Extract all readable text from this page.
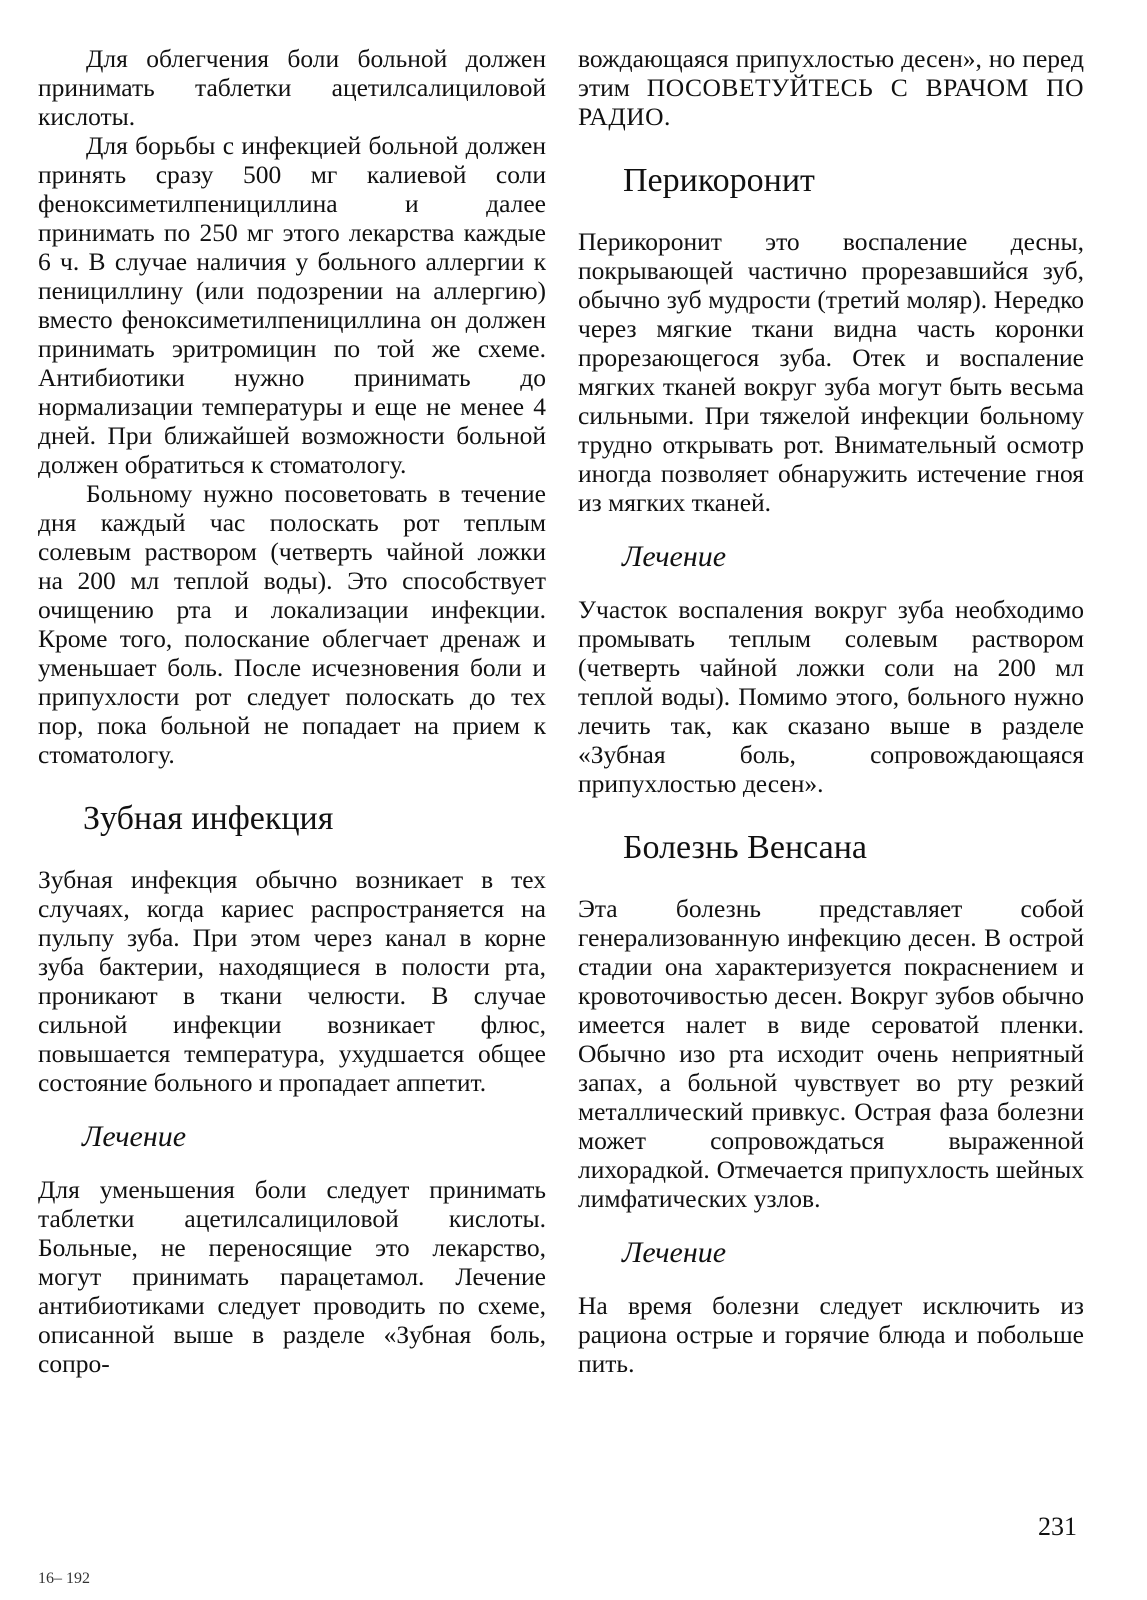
Для облегчения боли больной должен принимать таблетки ацетилсалициловой кислоты.

Для борьбы с инфекцией больной должен принять сразу 500 мг калиевой соли феноксиметилпенициллина и далее принимать по 250 мг этого лекарства каждые 6 ч. В случае наличия у больного аллергии к пенициллину (или подозрении на аллергию) вместо феноксиметилпенициллина он должен принимать эритромицин по той же схеме. Антибиотики нужно принимать до нормализации температуры и еще не менее 4 дней. При ближайшей возможности больной должен обратиться к стоматологу.

Больному нужно посоветовать в течение дня каждый час полоскать рот теплым солевым раствором (четверть чайной ложки на 200 мл теплой воды). Это способствует очищению рта и локализации инфекции. Кроме того, полоскание облегчает дренаж и уменьшает боль. После исчезновения боли и припухлости рот следует полоскать до тех пор, пока больной не попадает на прием к стоматологу.

Зубная инфекция

Зубная инфекция обычно возникает в тех случаях, когда кариес распространяется на пульпу зуба. При этом через канал в корне зуба бактерии, находящиеся в полости рта, проникают в ткани челюсти. В случае сильной инфекции возникает флюс, повышается температура, ухудшается общее состояние больного и пропадает аппетит.

Лечение

Для уменьшения боли следует принимать таблетки ацетилсалициловой кислоты. Больные, не переносящие это лекарство, могут принимать парацетамол. Лечение антибиотиками следует проводить по схеме, описанной выше в разделе «Зубная боль, сопро-

вождающаяся припухлостью десен», но перед этим ПОСОВЕТУЙТЕСЬ С ВРАЧОМ ПО РАДИО.

Перикоронит

Перикоронит это воспаление десны, покрывающей частично прорезавшийся зуб, обычно зуб мудрости (третий моляр). Нередко через мягкие ткани видна часть коронки прорезающегося зуба. Отек и воспаление мягких тканей вокруг зуба могут быть весьма сильными. При тяжелой инфекции больному трудно открывать рот. Внимательный осмотр иногда позволяет обнаружить истечение гноя из мягких тканей.

Лечение

Участок воспаления вокруг зуба необходимо промывать теплым солевым раствором (четверть чайной ложки соли на 200 мл теплой воды). Помимо этого, больного нужно лечить так, как сказано выше в разделе «Зубная боль, сопровождающаяся припухлостью десен».

Болезнь Венсана

Эта болезнь представляет собой генерализованную инфекцию десен. В острой стадии она характеризуется покраснением и кровоточивостью десен. Вокруг зубов обычно имеется налет в виде сероватой пленки. Обычно изо рта исходит очень неприятный запах, а больной чувствует во рту резкий металлический привкус. Острая фаза болезни может сопровождаться выраженной лихорадкой. Отмечается припухлость шейных лимфатических узлов.

Лечение

На время болезни следует исключить из рациона острые и горячие блюда и побольше пить.

231
16– 192
